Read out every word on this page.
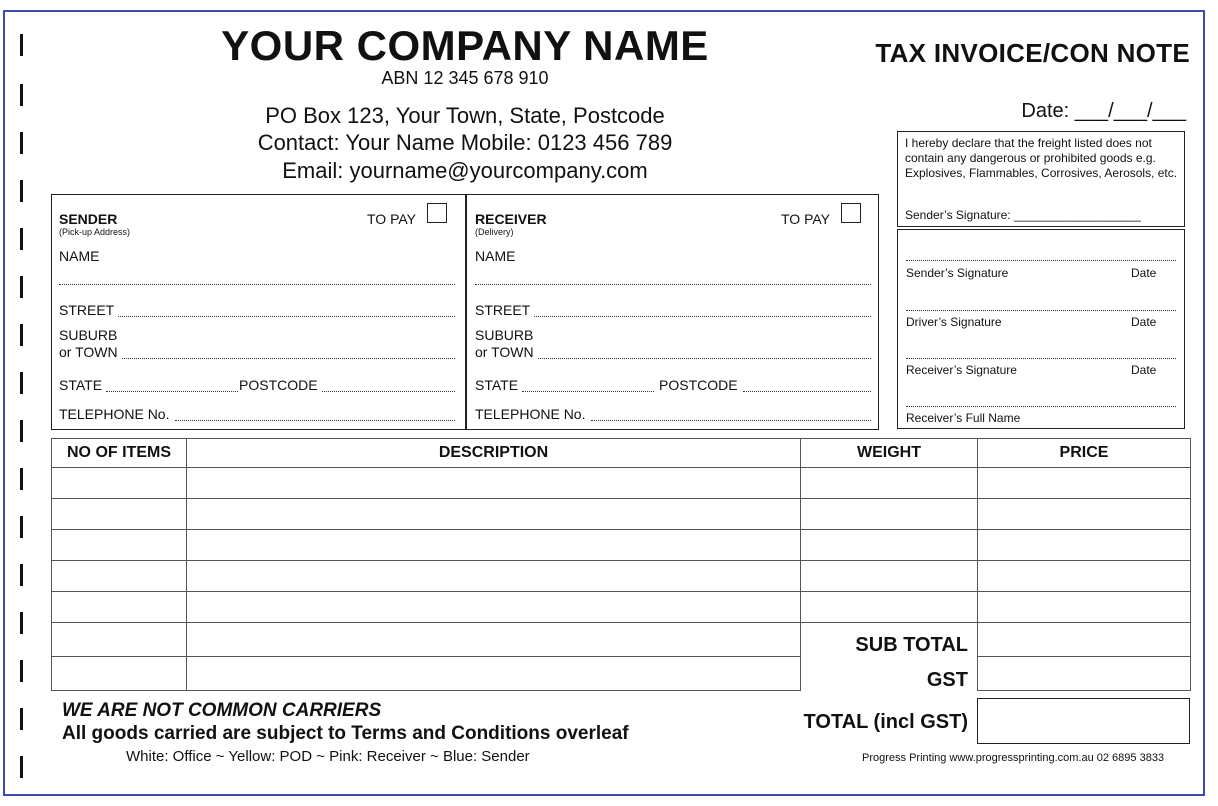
YOUR COMPANY NAME
ABN 12 345 678 910
PO Box 123, Your Town, State, Postcode
Contact: Your Name Mobile: 0123 456 789
Email: yourname@yourcompany.com
TAX INVOICE/CON NOTE
Date: ___/___/___
I hereby declare that the freight listed does not contain any dangerous or prohibited goods e.g. Explosives, Flammables, Corrosives, Aerosols, etc.
Sender’s Signature: ___________________
Sender’s Signature	Date
Driver’s Signature	Date
Receiver’s Signature	Date
Receiver’s Full Name
SENDER
(Pick-up Address)
TO PAY
NAME
STREET
SUBURB
or TOWN
STATE	POSTCODE
TELEPHONE No.
RECEIVER
(Delivery)
TO PAY
NAME
STREET
SUBURB
or TOWN
STATE	POSTCODE
TELEPHONE No.
NO OF ITEMS	DESCRIPTION	WEIGHT	PRICE

SUB TOTAL
GST
TOTAL (incl GST)
WE ARE NOT COMMON CARRIERS
All goods carried are subject to Terms and Conditions overleaf
White: Office ~ Yellow: POD ~ Pink: Receiver ~ Blue: Sender	Progress Printing www.progressprinting.com.au 02 6895 3833
